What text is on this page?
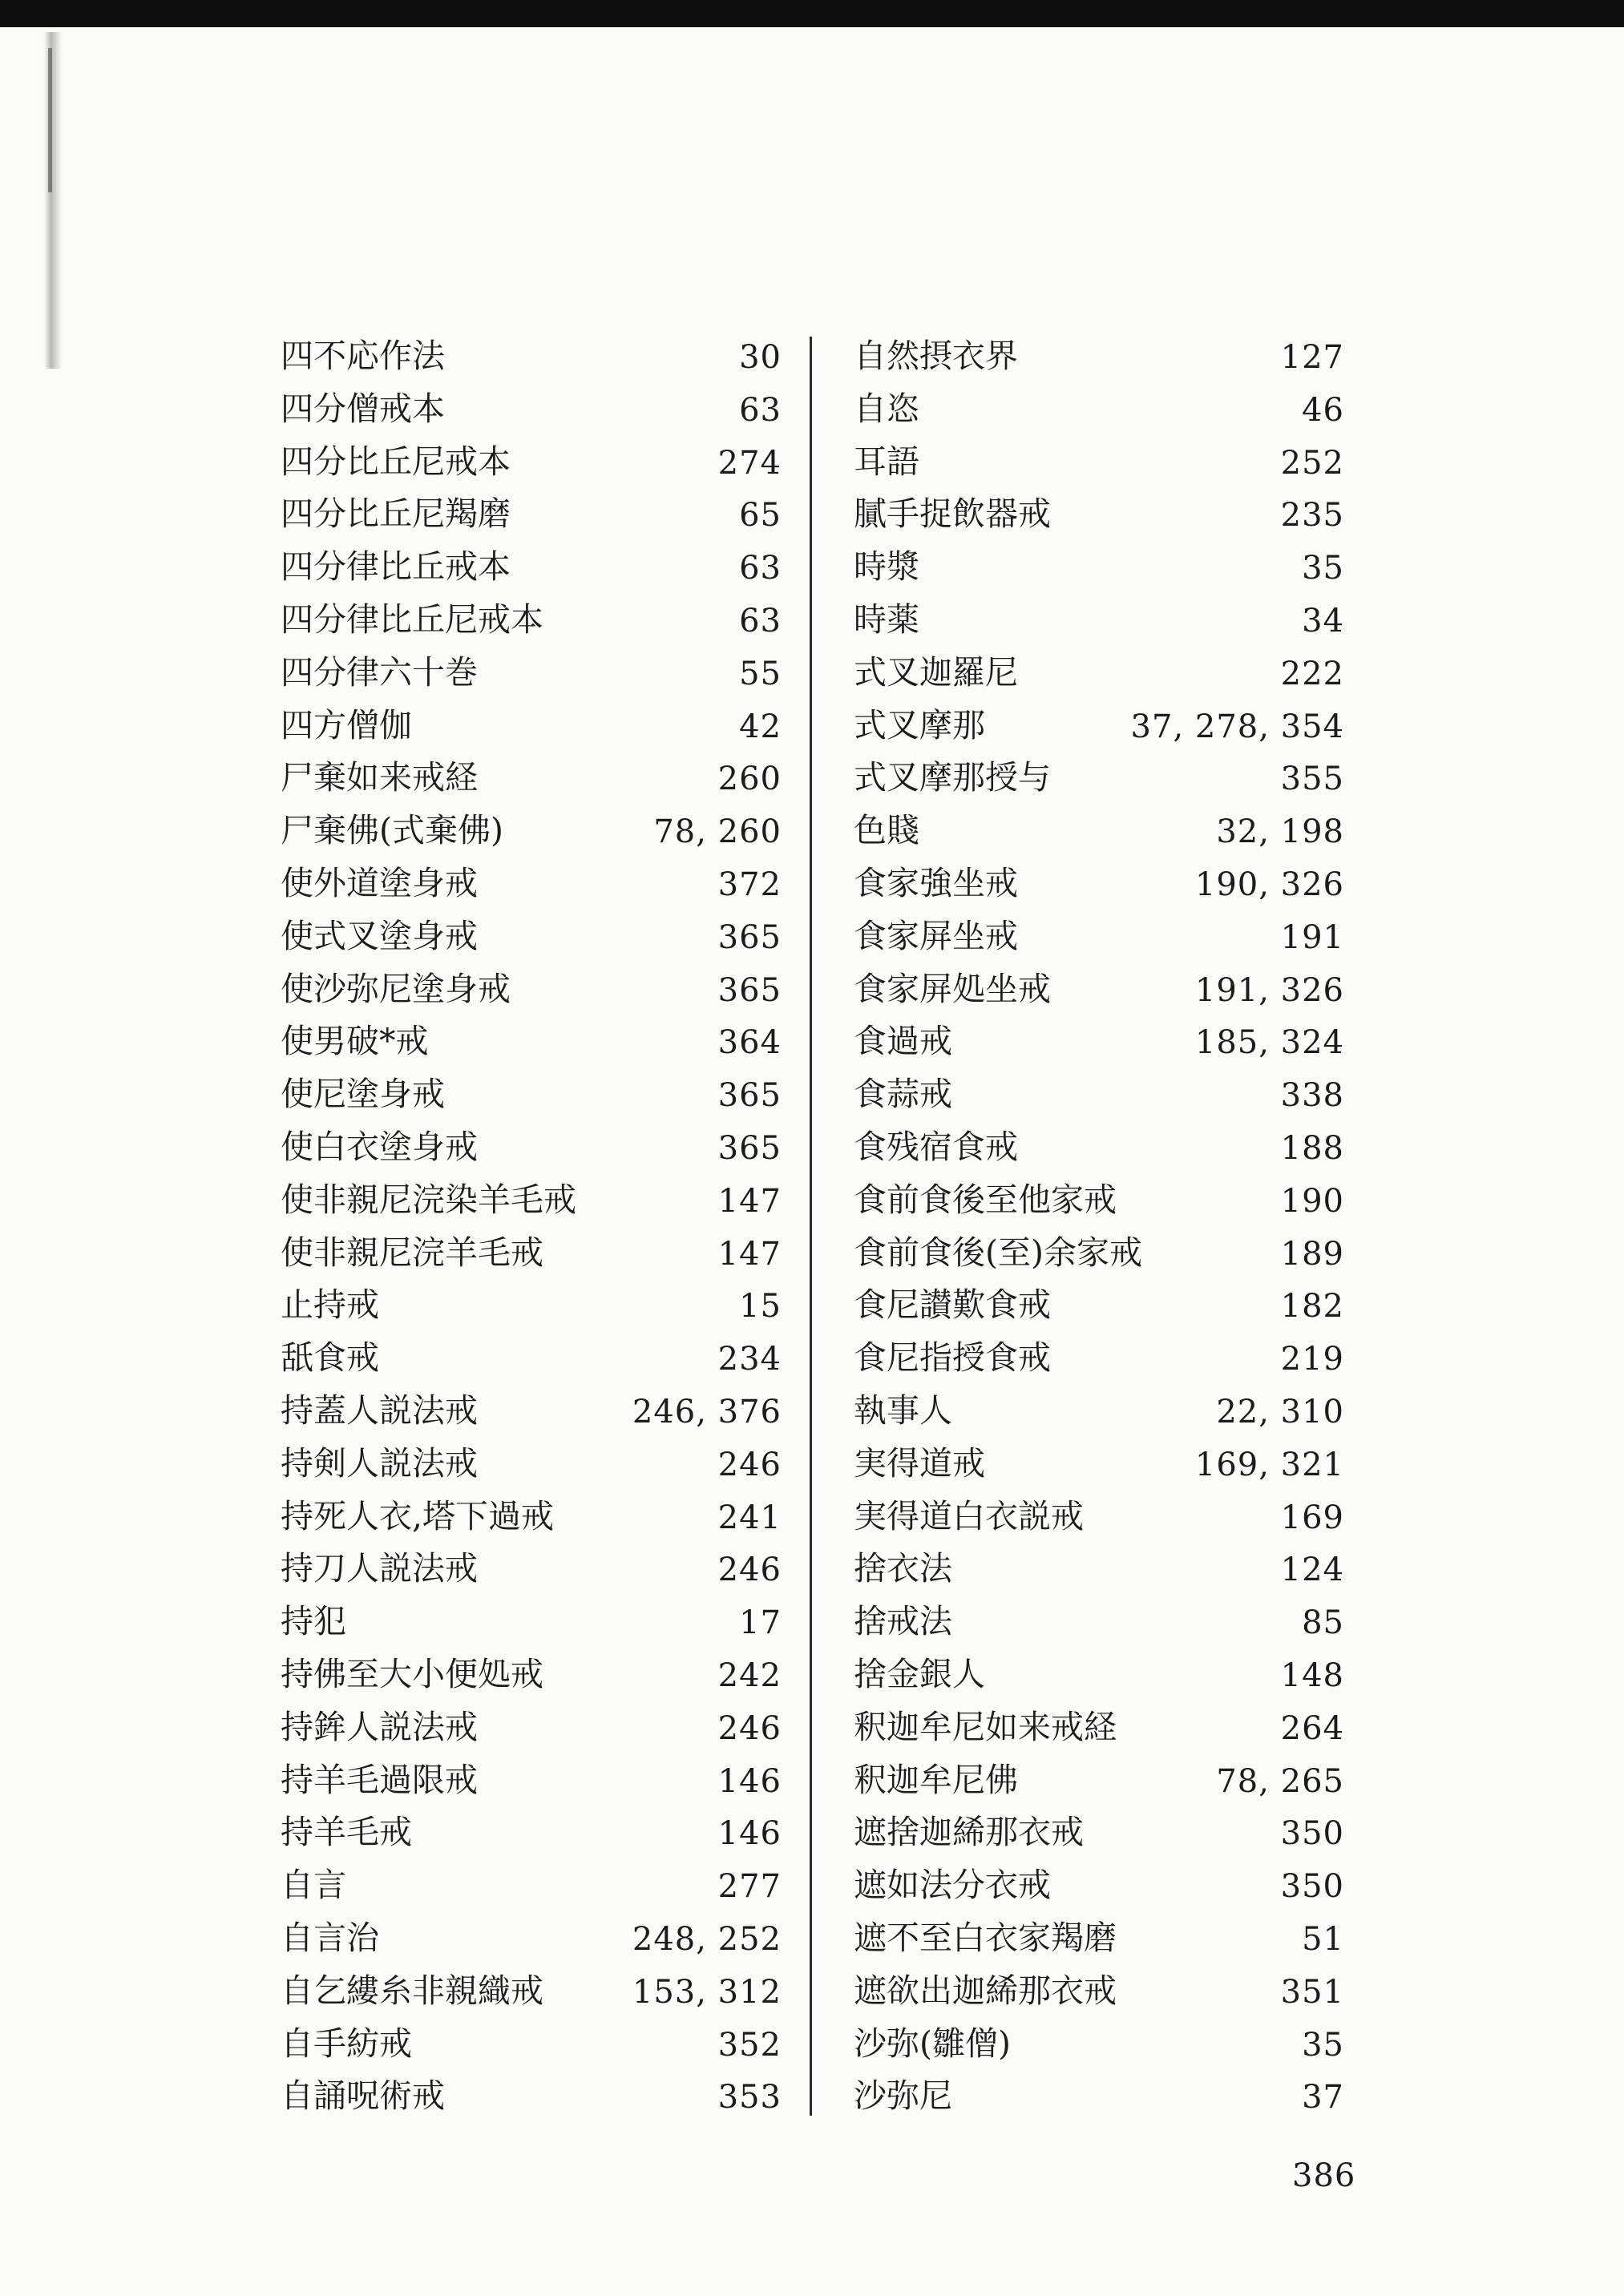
四不応作法	30
四分僧戒本	63
四分比丘尼戒本	274
四分比丘尼羯磨	65
四分律比丘戒本	63
四分律比丘尼戒本	63
四分律六十巻	55
四方僧伽	42
尸棄如来戒経	260
尸棄佛(式棄佛)	78, 260
使外道塗身戒	372
使式叉塗身戒	365
使沙弥尼塗身戒	365
使男破*戒	364
使尼塗身戒	365
使白衣塗身戒	365
使非親尼浣染羊毛戒	147
使非親尼浣羊毛戒	147
止持戒	15
舐食戒	234
持蓋人説法戒	246, 376
持剣人説法戒	246
持死人衣,塔下過戒	241
持刀人説法戒	246
持犯	17
持佛至大小便処戒	242
持鉾人説法戒	246
持羊毛過限戒	146
持羊毛戒	146
自言	277
自言治	248, 252
自乞縷糸非親織戒	153, 312
自手紡戒	352
自誦呪術戒	353
自然摂衣界	127
自恣	46
耳語	252
膩手捉飲器戒	235
時漿	35
時薬	34
式叉迦羅尼	222
式叉摩那	37, 278, 354
式叉摩那授与	355
色賤	32, 198
食家強坐戒	190, 326
食家屏坐戒	191
食家屏処坐戒	191, 326
食過戒	185, 324
食蒜戒	338
食残宿食戒	188
食前食後至他家戒	190
食前食後(至)余家戒	189
食尼讃歎食戒	182
食尼指授食戒	219
執事人	22, 310
実得道戒	169, 321
実得道白衣説戒	169
捨衣法	124
捨戒法	85
捨金銀人	148
釈迦牟尼如来戒経	264
釈迦牟尼佛	78, 265
遮捨迦絺那衣戒	350
遮如法分衣戒	350
遮不至白衣家羯磨	51
遮欲出迦絺那衣戒	351
沙弥(雛僧)	35
沙弥尼	37
386
